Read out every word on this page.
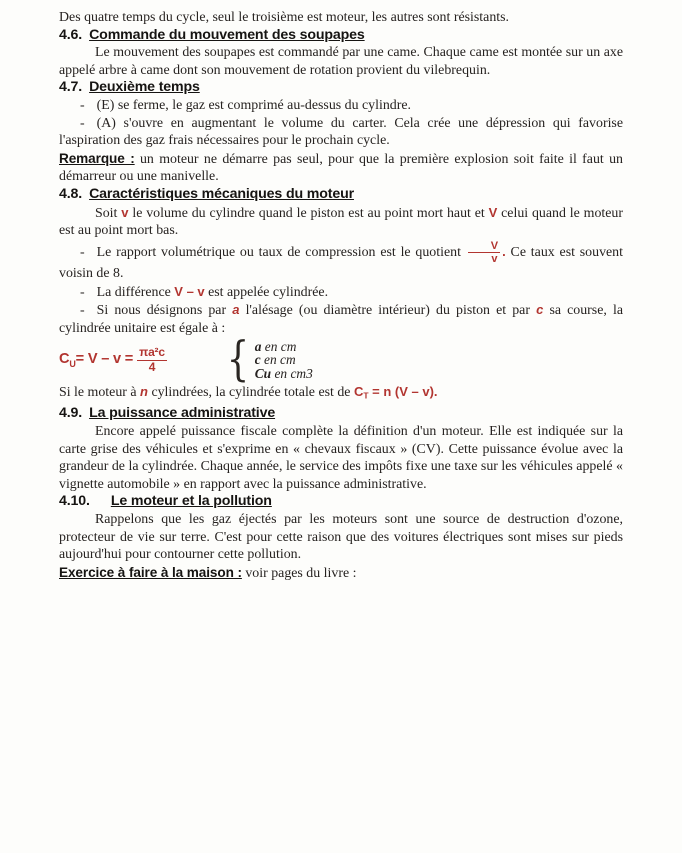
Des quatre temps du cycle, seul le troisième est moteur, les autres sont résistants.

4.6. Commande du mouvement des soupapes

Le mouvement des soupapes est commandé par une came. Chaque came est montée sur un axe appelé arbre à came dont son mouvement de rotation provient du vilebrequin.

4.7. Deuxième temps

- (E) se ferme, le gaz est comprimé au-dessus du cylindre.

- (A) s'ouvre en augmentant le volume du carter. Cela crée une dépression qui favorise l'aspiration des gaz frais nécessaires pour le prochain cycle.

Remarque : un moteur ne démarre pas seul, pour que la première explosion soit faite il faut un démarreur ou une manivelle.

4.8. Caractéristiques mécaniques du moteur

Soit v le volume du cylindre quand le piston est au point mort haut et V celui quand le moteur est au point mort bas.

- Le rapport volumétrique ou taux de compression est le quotient $\frac{V}{v}$ . Ce taux est souvent voisin de 8.

- La différence V – v est appelée cylindrée.

- Si nous désignons par a l'alésage (ou diamètre intérieur) du piston et par c sa course, la cylindrée unitaire est égale à :

C $U = V - v = \frac{\text{πa²c}}{4}$ { a en cm
c en cm
Cu en cm3

Si le moteur à n cylindrées, la cylindrée totale est de $C_T = n$ (V – v).

4.9. La puissance administrative

Encore appelé puissance fiscale complète la définition d'un moteur. Elle est indiquée sur la carte grise des véhicules et s'exprime en « chevaux fiscaux » (CV). Cette puissance évolue avec la grandeur de la cylindrée. Chaque année, le service des impôts fixe une taxe sur les véhicules appelé « vignette automobile » en rapport avec la puissance administrative.

4.10. Le moteur et la pollution

Rappelons que les gaz éjectés par les moteurs sont une source de destruction d'ozone, protecteur de vie sur terre. C'est pour cette raison que des voitures électriques sont mises sur pieds aujourd'hui pour contourner cette pollution.

Exercice à faire à la maison : voir pages du livre :
